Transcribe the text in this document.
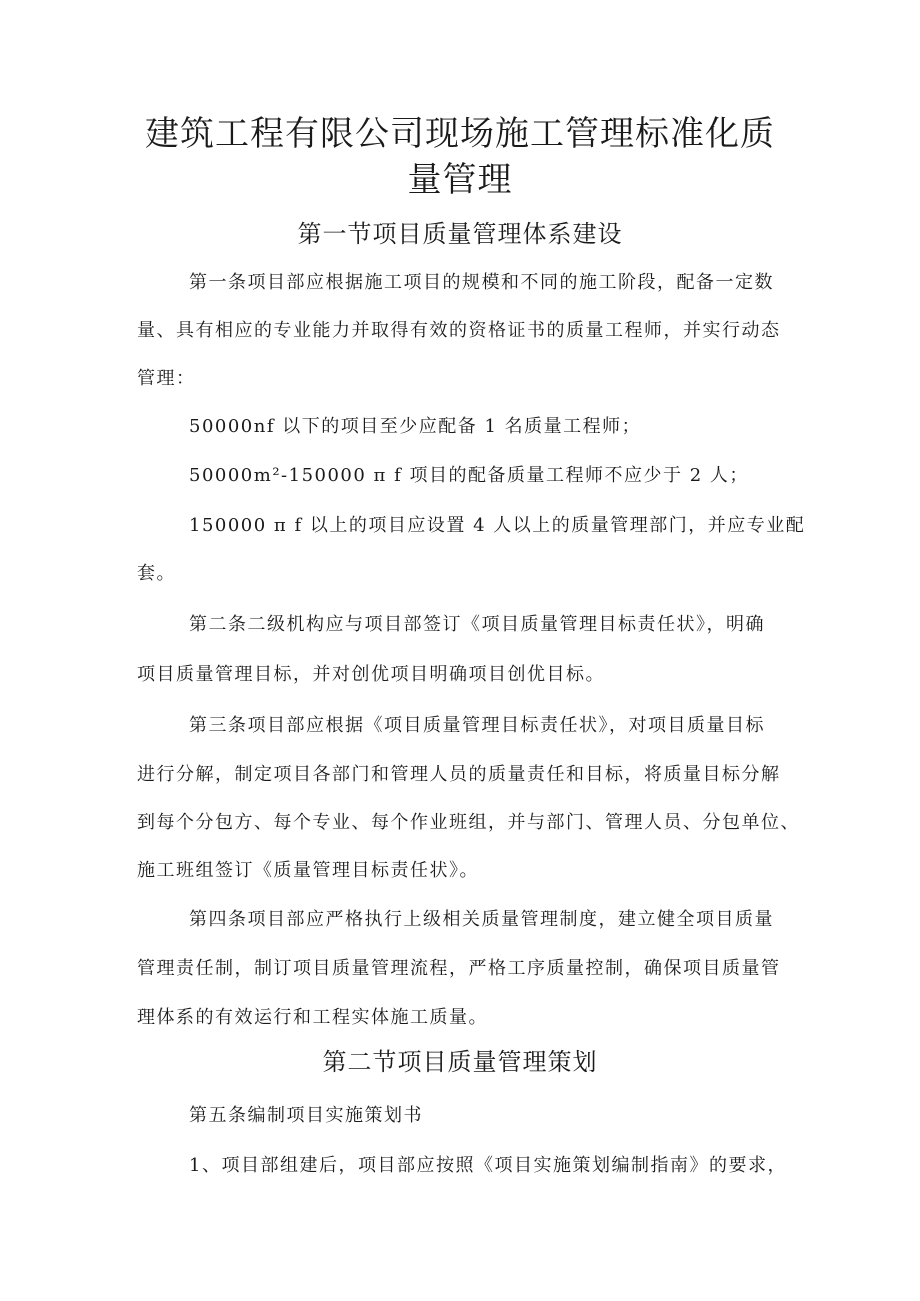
建筑工程有限公司现场施工管理标准化质
量管理
第一节项目质量管理体系建设
第一条项目部应根据施工项目的规模和不同的施工阶段，配备一定数
量、具有相应的专业能力并取得有效的资格证书的质量工程师，并实行动态
管理：
50000nf 以下的项目至少应配备 1 名质量工程师；
50000m²-150000 π f 项目的配备质量工程师不应少于 2 人；
150000 π f 以上的项目应设置 4 人以上的质量管理部门，并应专业配
套。
第二条二级机构应与项目部签订《项目质量管理目标责任状》，明确
项目质量管理目标，并对创优项目明确项目创优目标。
第三条项目部应根据《项目质量管理目标责任状》，对项目质量目标
进行分解，制定项目各部门和管理人员的质量责任和目标，将质量目标分解
到每个分包方、每个专业、每个作业班组，并与部门、管理人员、分包单位、
施工班组签订《质量管理目标责任状》。
第四条项目部应严格执行上级相关质量管理制度，建立健全项目质量
管理责任制，制订项目质量管理流程，严格工序质量控制，确保项目质量管
理体系的有效运行和工程实体施工质量。
第二节项目质量管理策划
第五条编制项目实施策划书
1、项目部组建后，项目部应按照《项目实施策划编制指南》的要求，
